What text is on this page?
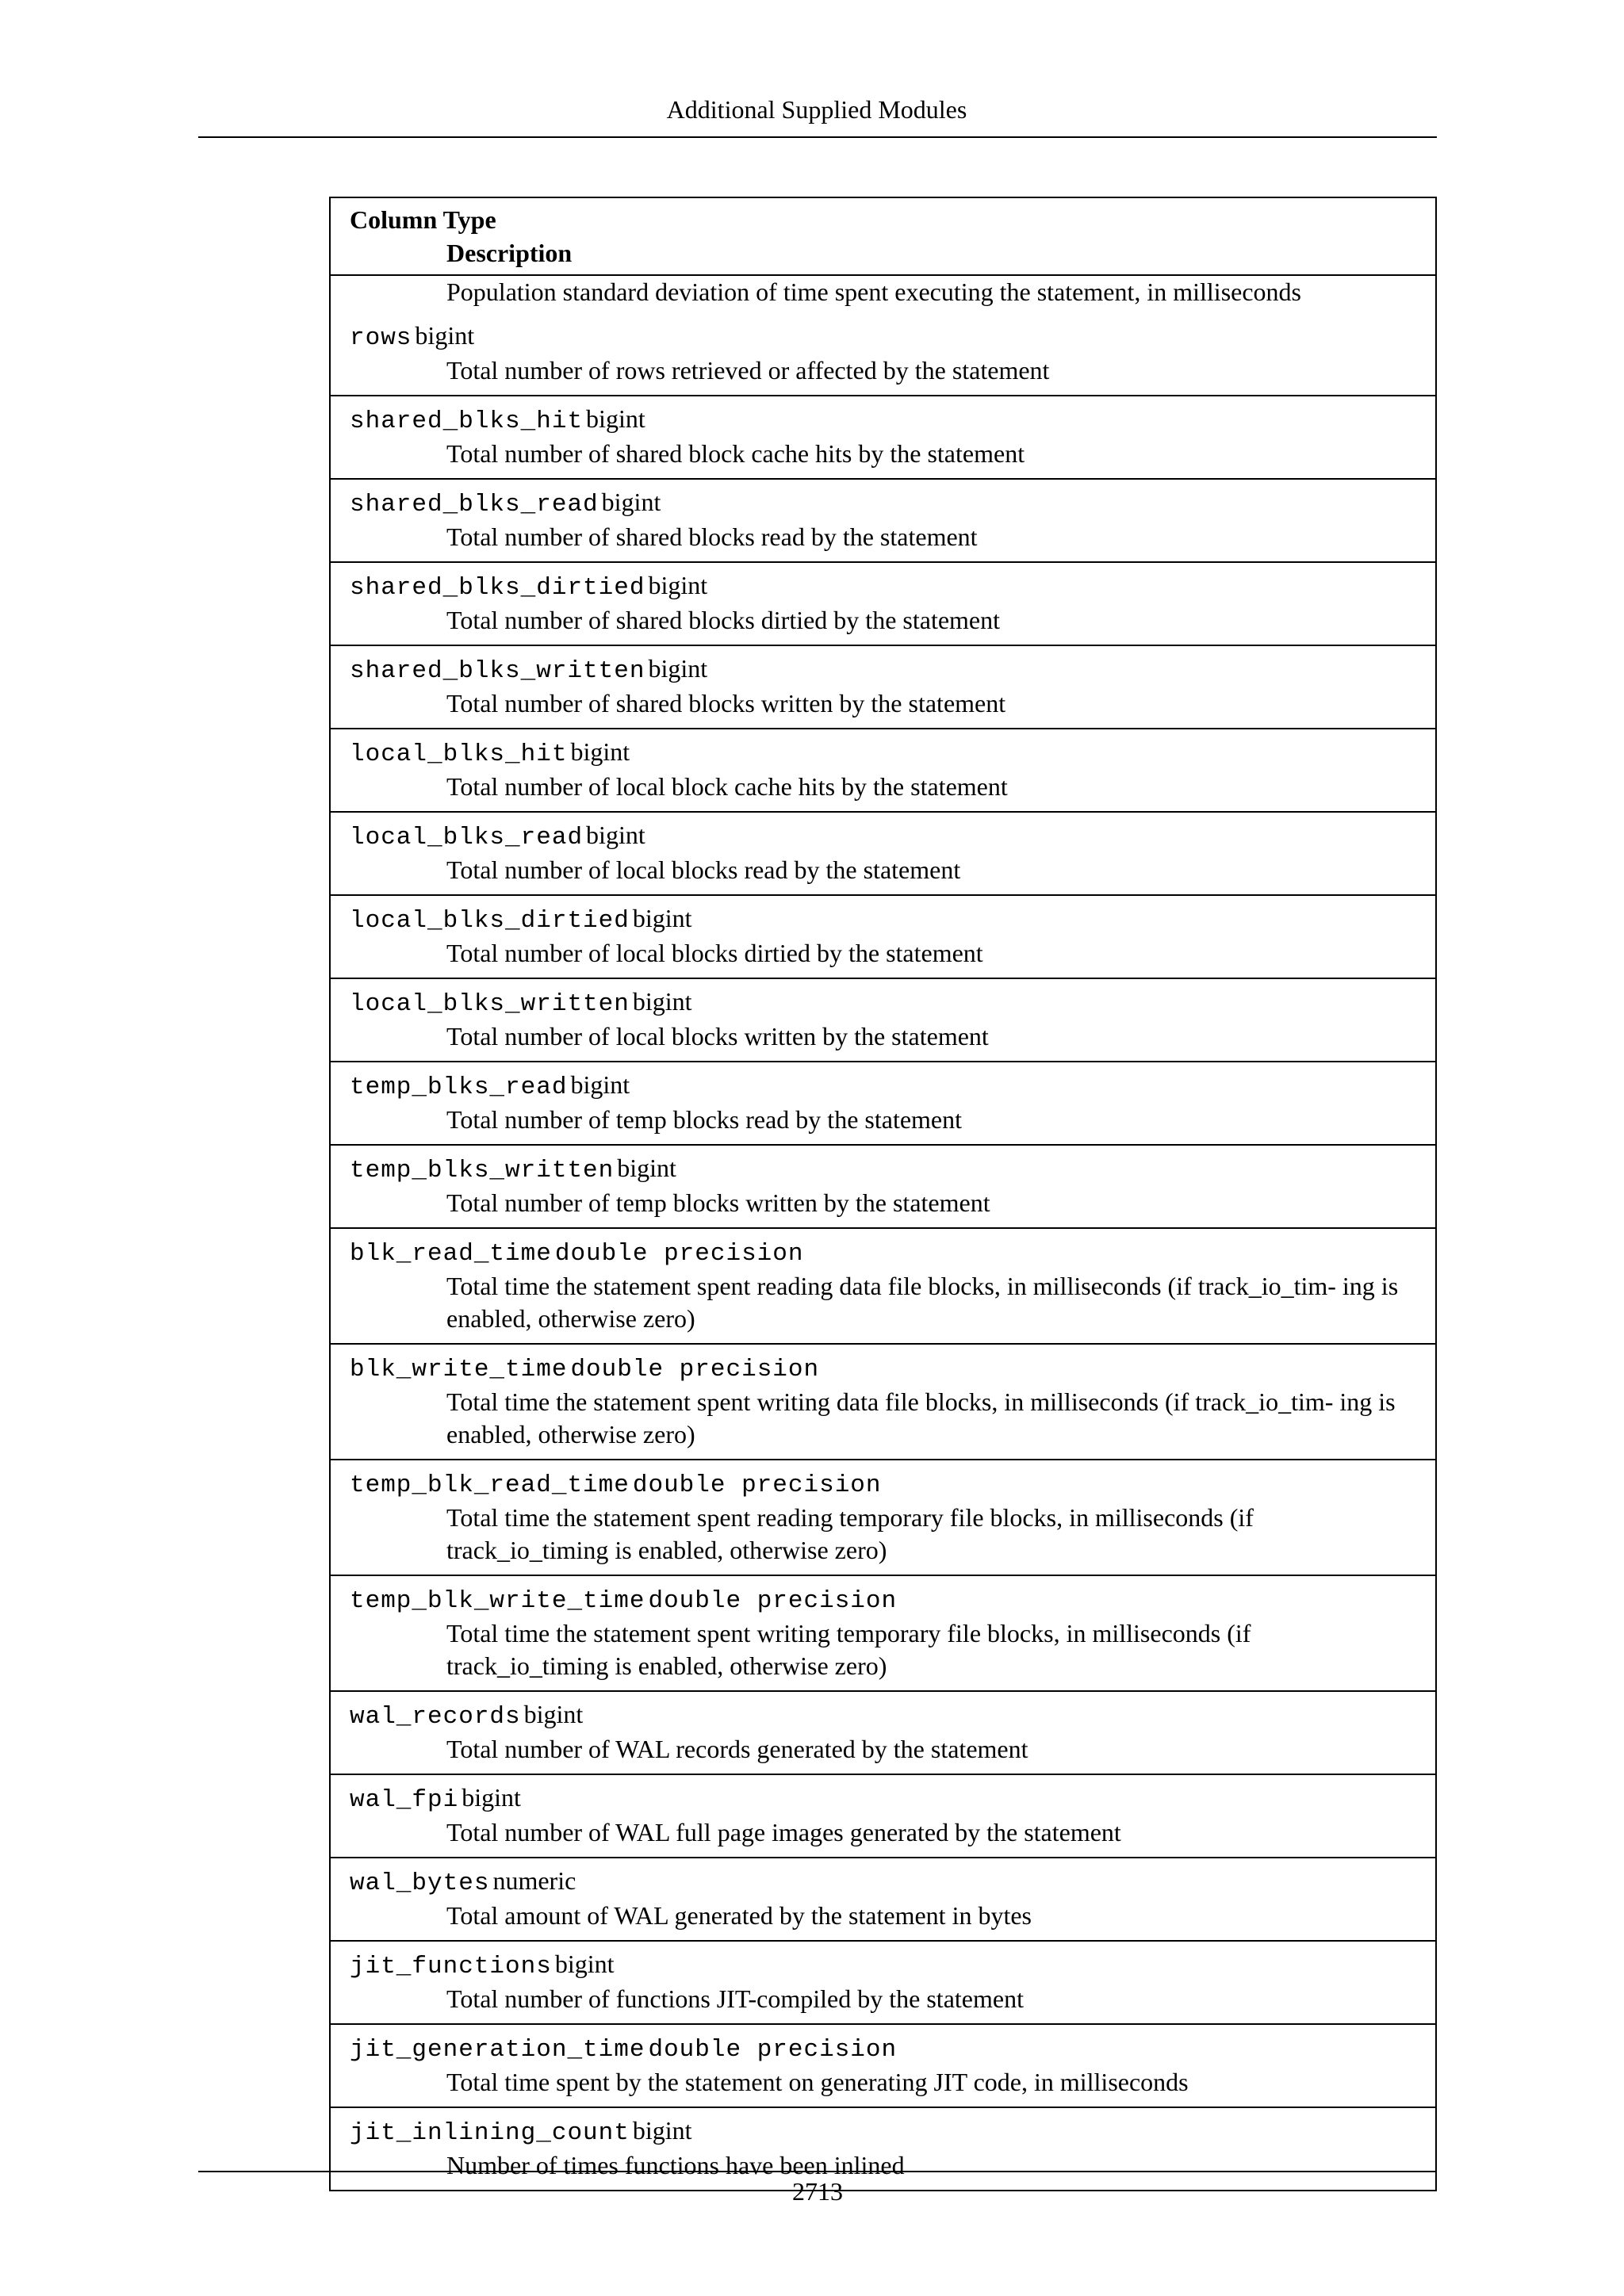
Additional Supplied Modules
Column Type
Description
Population standard deviation of time spent executing the statement, in milliseconds
rows bigint
Total number of rows retrieved or affected by the statement
shared_blks_hit bigint
Total number of shared block cache hits by the statement
shared_blks_read bigint
Total number of shared blocks read by the statement
shared_blks_dirtied bigint
Total number of shared blocks dirtied by the statement
shared_blks_written bigint
Total number of shared blocks written by the statement
local_blks_hit bigint
Total number of local block cache hits by the statement
local_blks_read bigint
Total number of local blocks read by the statement
local_blks_dirtied bigint
Total number of local blocks dirtied by the statement
local_blks_written bigint
Total number of local blocks written by the statement
temp_blks_read bigint
Total number of temp blocks read by the statement
temp_blks_written bigint
Total number of temp blocks written by the statement
blk_read_time double precision
Total time the statement spent reading data file blocks, in milliseconds (if track_io_tim- ing is enabled, otherwise zero)
blk_write_time double precision
Total time the statement spent writing data file blocks, in milliseconds (if track_io_tim- ing is enabled, otherwise zero)
temp_blk_read_time double precision
Total time the statement spent reading temporary file blocks, in milliseconds (if track_io_timing is enabled, otherwise zero)
temp_blk_write_time double precision
Total time the statement spent writing temporary file blocks, in milliseconds (if track_io_timing is enabled, otherwise zero)
wal_records bigint
Total number of WAL records generated by the statement
wal_fpi bigint
Total number of WAL full page images generated by the statement
wal_bytes numeric
Total amount of WAL generated by the statement in bytes
jit_functions bigint
Total number of functions JIT-compiled by the statement
jit_generation_time double precision
Total time spent by the statement on generating JIT code, in milliseconds
jit_inlining_count bigint
Number of times functions have been inlined
2713
